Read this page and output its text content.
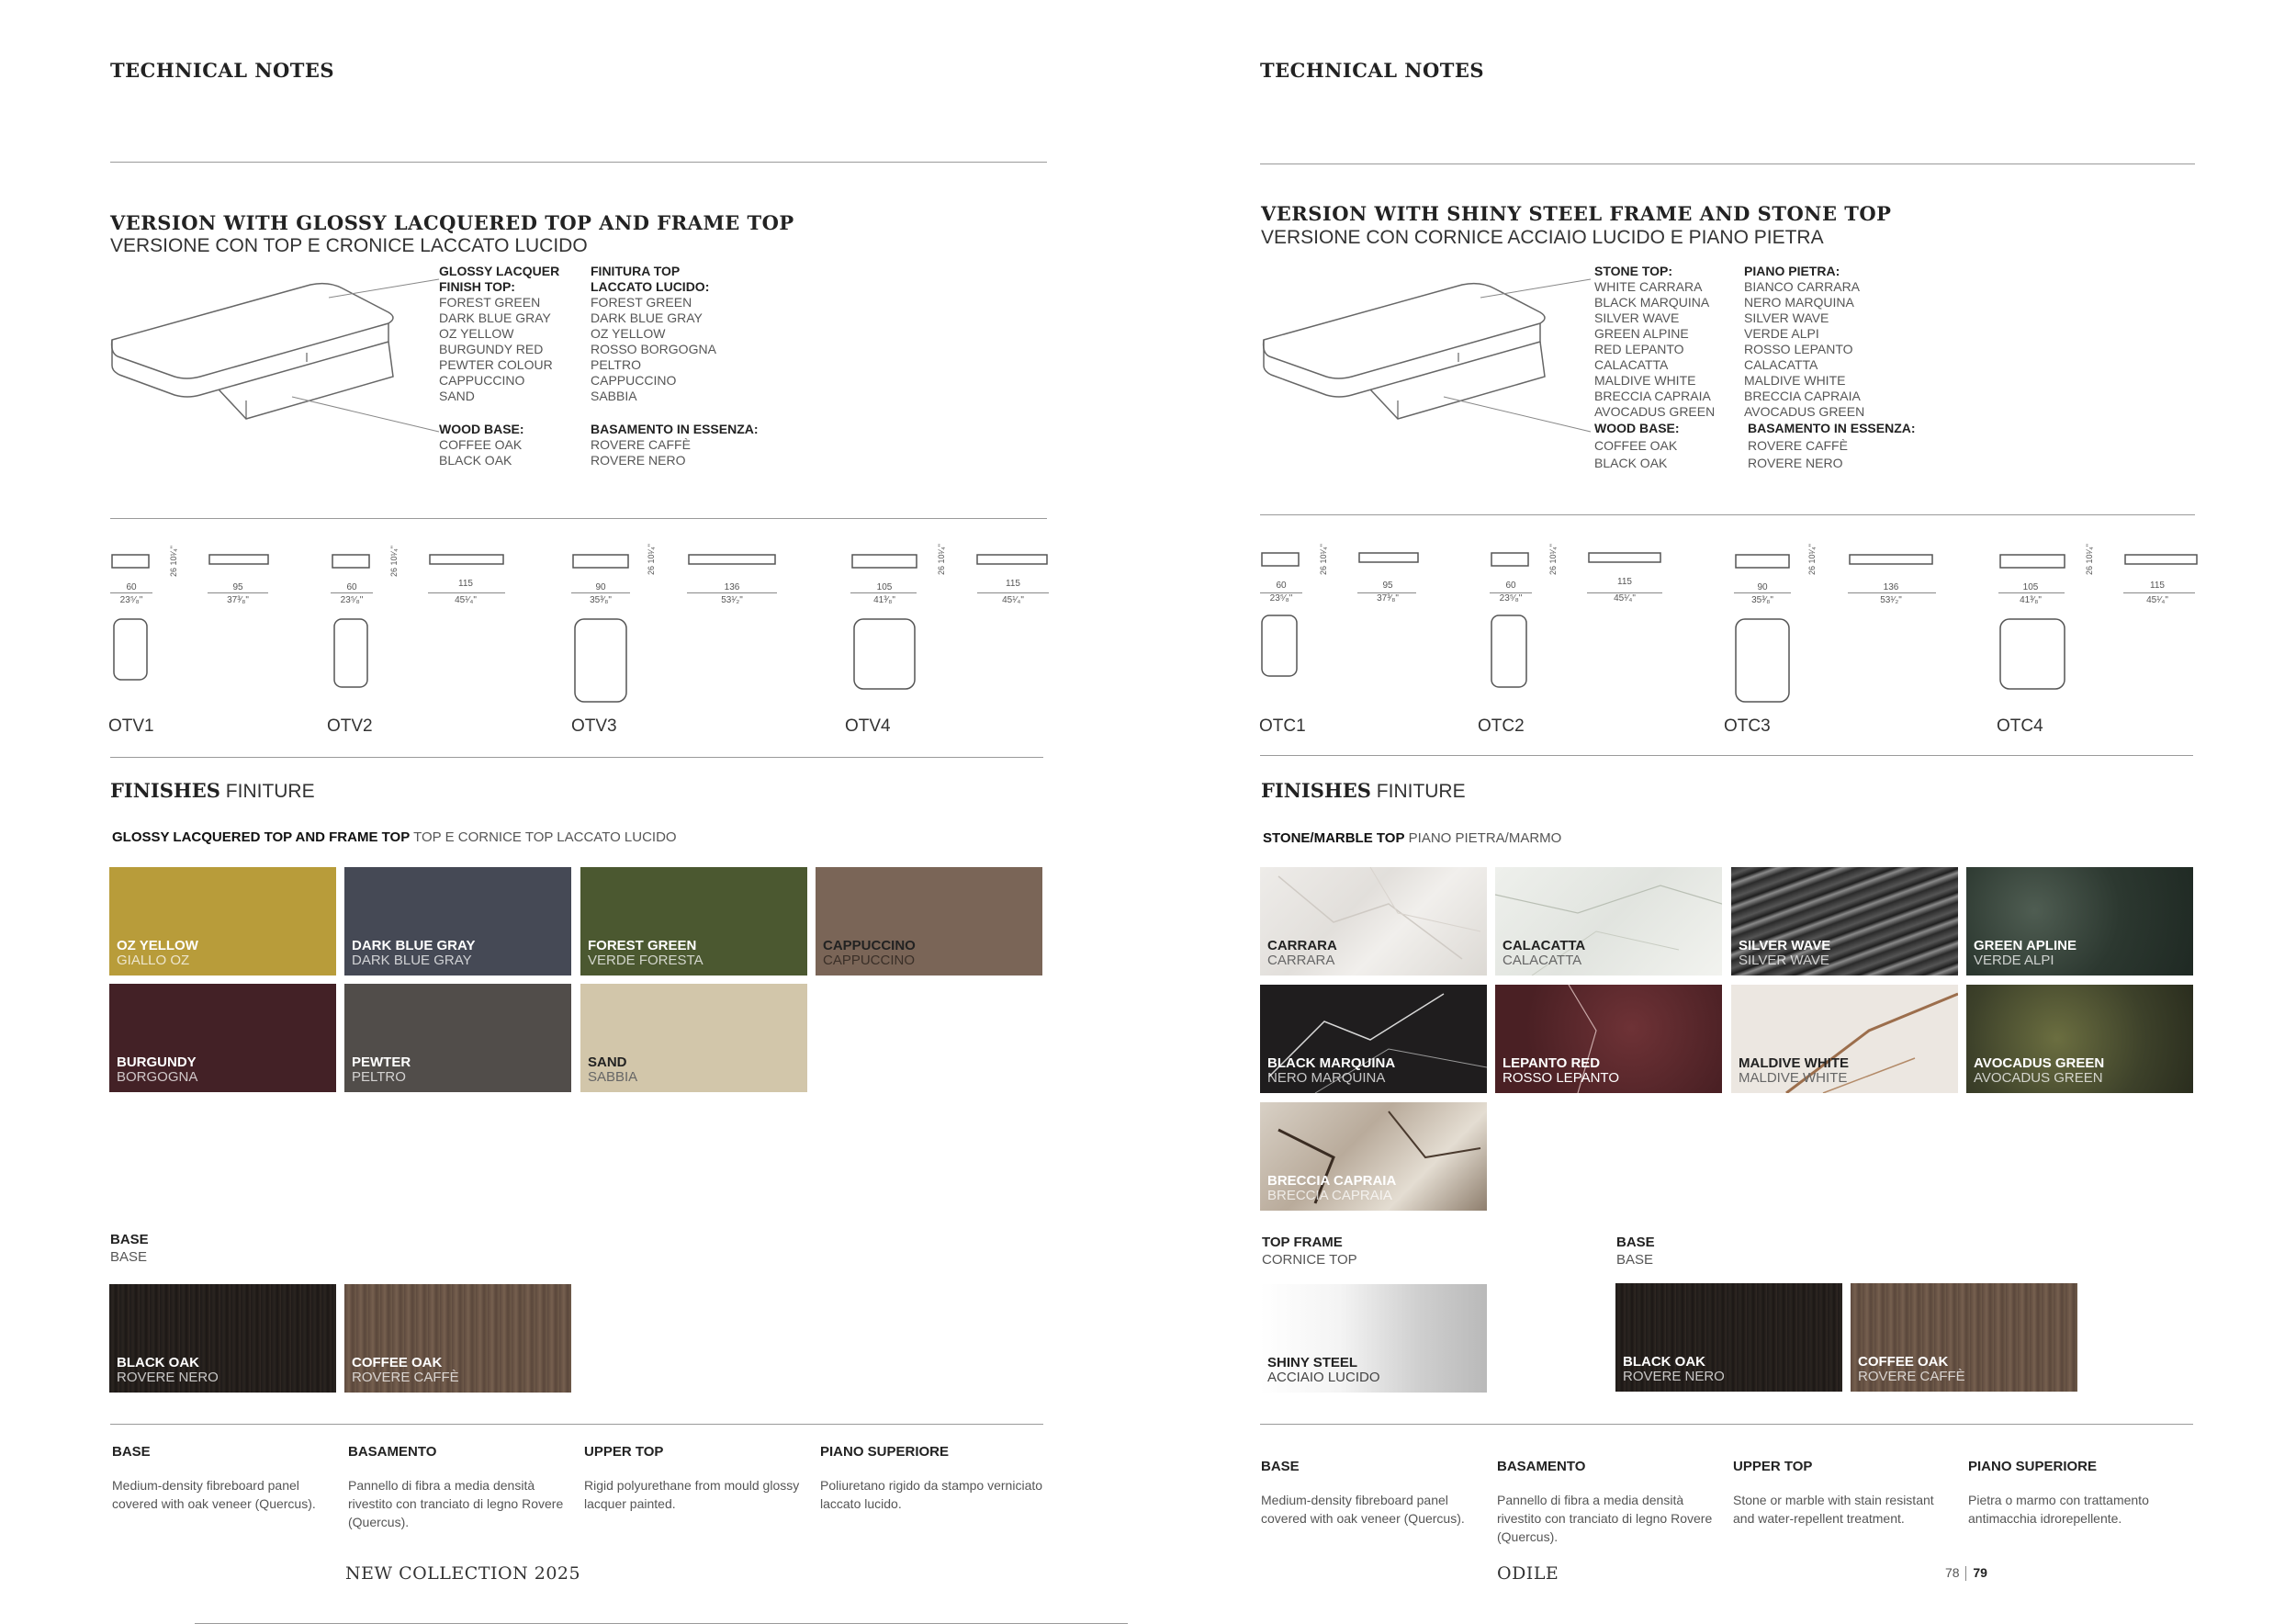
TECHNICAL NOTES
VERSION WITH GLOSSY LACQUERED TOP AND FRAME TOP
VERSIONE CON TOP E CRONICE LACCATO LUCIDO
GLOSSY LACQUER
FINISH TOP:
FOREST GREEN
DARK BLUE GRAY
OZ YELLOW
BURGUNDY RED
PEWTER COLOUR
CAPPUCCINO
SAND
WOOD BASE:
COFFEE OAK
BLACK OAK
FINITURA TOP
LACCATO LUCIDO:
FOREST GREEN
DARK BLUE GRAY
OZ YELLOW
ROSSO BORGOGNA
PELTRO
CAPPUCCINO
SABBIA
BASAMENTO IN ESSENZA:
ROVERE CAFFÈ
ROVERE NERO
60
23⁵⁄₈"
95
37³⁄₈"
26 10¹⁄₄"
OTV1
60
23⁵⁄₈"
115
45¹⁄₄"
26 10¹⁄₄"
OTV2
90
35³⁄₈"
136
53¹⁄₂"
26 10¹⁄₄"
OTV3
105
41³⁄₈"
115
45¹⁄₄"
26 10¹⁄₄"
OTV4
FINISHES FINITURE
GLOSSY LACQUERED TOP AND FRAME TOP TOP E CORNICE TOP LACCATO LUCIDO
OZ YELLOW
GIALLO OZ
DARK BLUE GRAY
DARK BLUE GRAY
FOREST GREEN
VERDE FORESTA
CAPPUCCINO
CAPPUCCINO
BURGUNDY
BORGOGNA
PEWTER
PELTRO
SAND
SABBIA
BASE
BASE
BLACK OAK
ROVERE NERO
COFFEE OAK
ROVERE CAFFÈ
BASE
Medium-density fibreboard panel covered with oak veneer (Quercus).
BASAMENTO
Pannello di fibra a media densità rivestito con tranciato di legno Rovere (Quercus).
UPPER TOP
Rigid polyurethane from mould glossy lacquer painted.
PIANO SUPERIORE
Poliuretano rigido da stampo verniciato laccato lucido.
NEW COLLECTION 2025
TECHNICAL NOTES
VERSION WITH SHINY STEEL FRAME AND STONE TOP
VERSIONE CON CORNICE ACCIAIO LUCIDO E PIANO PIETRA
STONE TOP:
WHITE CARRARA
BLACK MARQUINA
SILVER WAVE
GREEN ALPINE
RED LEPANTO
CALACATTA
MALDIVE WHITE
BRECCIA CAPRAIA
AVOCADUS GREEN
WOOD BASE:
COFFEE OAK
BLACK OAK
PIANO PIETRA:
BIANCO CARRARA
NERO MARQUINA
SILVER WAVE
VERDE ALPI
ROSSO LEPANTO
CALACATTA
MALDIVE WHITE
BRECCIA CAPRAIA
AVOCADUS GREEN
BASAMENTO IN ESSENZA:
ROVERE CAFFÈ
ROVERE NERO
60
23⁵⁄₈"
95
37³⁄₈"
26 10¹⁄₄"
OTC1
60
23⁵⁄₈"
115
45¹⁄₄"
26 10¹⁄₄"
OTC2
90
35³⁄₈"
136
53¹⁄₂"
26 10¹⁄₄"
OTC3
105
41³⁄₈"
115
45¹⁄₄"
26 10¹⁄₄"
OTC4
FINISHES FINITURE
STONE/MARBLE TOP PIANO PIETRA/MARMO
CARRARA
CARRARA
CALACATTA
CALACATTA
SILVER WAVE
SILVER WAVE
GREEN APLINE
VERDE ALPI
BLACK MARQUINA
NERO MARQUINA
LEPANTO RED
ROSSO LEPANTO
MALDIVE WHITE
MALDIVE WHITE
AVOCADUS GREEN
AVOCADUS GREEN
BRECCIA CAPRAIA
BRECCIA CAPRAIA
TOP FRAME
CORNICE TOP
SHINY STEEL
ACCIAIO LUCIDO
BASE
BASE
BLACK OAK
ROVERE NERO
COFFEE OAK
ROVERE CAFFÈ
BASE
Medium-density fibreboard panel covered with oak veneer (Quercus).
BASAMENTO
Pannello di fibra a media densità rivestito con tranciato di legno Rovere (Quercus).
UPPER TOP
Stone or marble with stain resistant and water-repellent treatment.
PIANO SUPERIORE
Pietra o marmo con trattamento antimacchia idrorepellente.
ODILE	78 79
